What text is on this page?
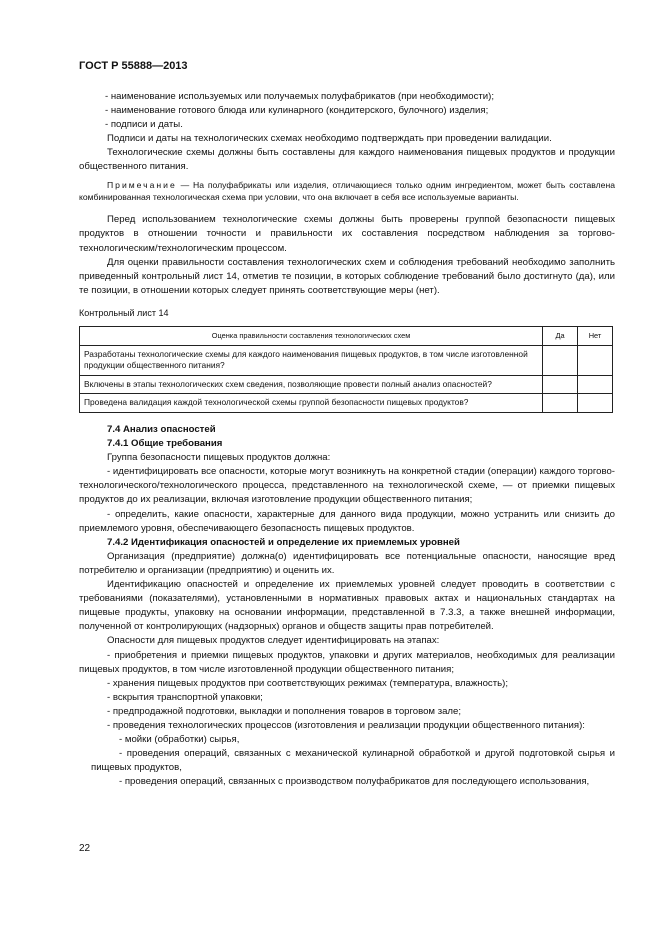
ГОСТ Р 55888—2013

- наименование используемых или получаемых полуфабрикатов (при необходимости);

- наименование готового блюда или кулинарного (кондитерского, булочного) изделия;

- подписи и даты.

Подписи и даты на технологических схемах необходимо подтверждать при проведении валидации.

Технологические схемы должны быть составлены для каждого наименования пищевых продуктов и продукции общественного питания.

Примечание — На полуфабрикаты или изделия, отличающиеся только одним ингредиентом, может быть составлена комбинированная технологическая схема при условии, что она включает в себя все используемые варианты.

Перед использованием технологические схемы должны быть проверены группой безопасности пищевых продуктов в отношении точности и правильности их составления посредством наблюдения за торгово-технологическим/технологическим процессом.

Для оценки правильности составления технологических схем и соблюдения требований необходимо заполнить приведенный контрольный лист 14, отметив те позиции, в которых соблюдение требований было достигнуто (да), или те позиции, в отношении которых следует принять соответствующие меры (нет).

Контрольный лист 14
Оценка правильности составления технологических схем	Да	Нет
Разработаны технологические схемы для каждого наименования пищевых продуктов, в том числе изготовленной продукции общественного питания?		
Включены в этапы технологических схем сведения, позволяющие провести полный анализ опасностей?		
Проведена валидация каждой технологической схемы группой безопасности пищевых продуктов?		
7.4 Анализ опасностей
7.4.1 Общие требования

Группа безопасности пищевых продуктов должна:

- идентифицировать все опасности, которые могут возникнуть на конкретной стадии (операции) каждого торгово-технологического/технологического процесса, представленного на технологической схеме, — от приемки пищевых продуктов до их реализации, включая изготовление продукции общественного питания;

- определить, какие опасности, характерные для данного вида продукции, можно устранить или снизить до приемлемого уровня, обеспечивающего безопасность пищевых продуктов.

7.4.2 Идентификация опасностей и определение их приемлемых уровней

Организация (предприятие) должна(о) идентифицировать все потенциальные опасности, наносящие вред потребителю и организации (предприятию) и оценить их.

Идентификацию опасностей и определение их приемлемых уровней следует проводить в соответствии с требованиями (показателями), установленными в нормативных правовых актах и национальных стандартах на пищевые продукты, упаковку на основании информации, представленной в 7.3.3, а также внешней информации, полученной от контролирующих (надзорных) органов и обществ защиты прав потребителей.

Опасности для пищевых продуктов следует идентифицировать на этапах:

- приобретения и приемки пищевых продуктов, упаковки и других материалов, необходимых для реализации пищевых продуктов, в том числе изготовленной продукции общественного питания;

- хранения пищевых продуктов при соответствующих режимах (температура, влажность);

- вскрытия транспортной упаковки;

- предпродажной подготовки, выкладки и пополнения товаров в торговом зале;

- проведения технологических процессов (изготовления и реализации продукции общественного питания):

- мойки (обработки) сырья,

- проведения операций, связанных с механической кулинарной обработкой и другой подготовкой сырья и пищевых продуктов,

- проведения операций, связанных с производством полуфабрикатов для последующего использования,

22
